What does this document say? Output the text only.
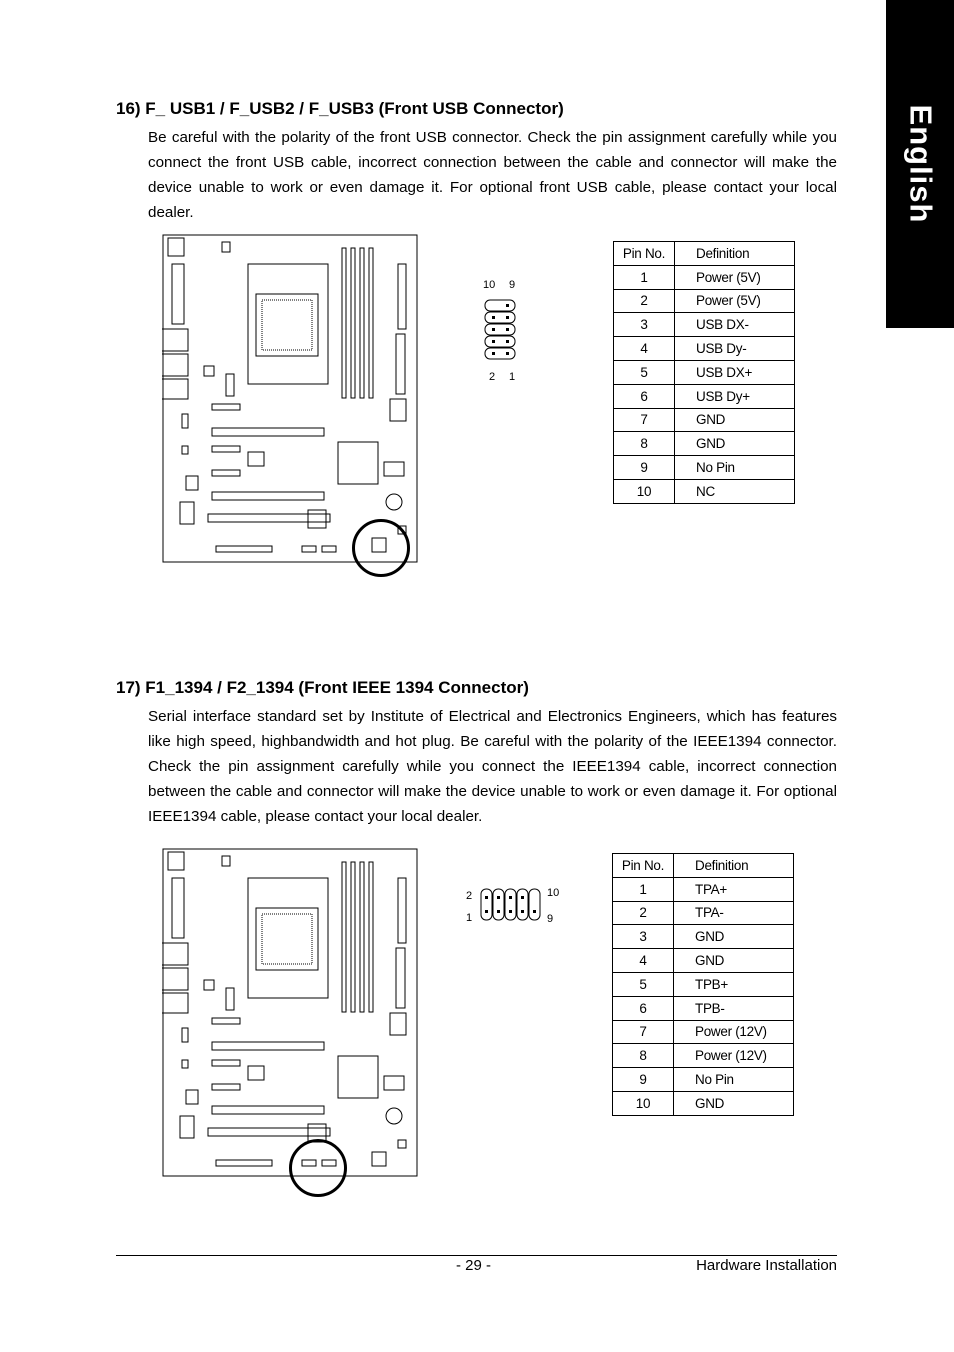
English
16) F_ USB1 / F_USB2 / F_USB3 (Front USB Connector)
Be careful with the polarity of the front USB connector. Check the pin assignment carefully while you connect the front USB cable, incorrect connection between the cable and connector will make the device unable to work or even damage it. For optional front USB cable, please contact your local dealer.
10 9
2 1
Pin No.	Definition
1	Power (5V)
2	Power (5V)
3	USB DX-
4	USB Dy-
5	USB DX+
6	USB Dy+
7	GND
8	GND
9	No Pin
10	NC
17) F1_1394 / F2_1394 (Front IEEE 1394 Connector)
Serial interface standard set by Institute of Electrical and Electronics Engineers, which has features like high speed, highbandwidth and hot plug. Be careful with the polarity of the IEEE1394 connector. Check the pin assignment carefully while you connect the IEEE1394 cable, incorrect connection between the cable and connector will make the device unable to work or even damage it. For optional IEEE1394 cable, please contact your local dealer.
2
1
10
9
Pin No.	Definition
1	TPA+
2	TPA-
3	GND
4	GND
5	TPB+
6	TPB-
7	Power (12V)
8	Power (12V)
9	No Pin
10	GND
- 29 -	Hardware Installation
